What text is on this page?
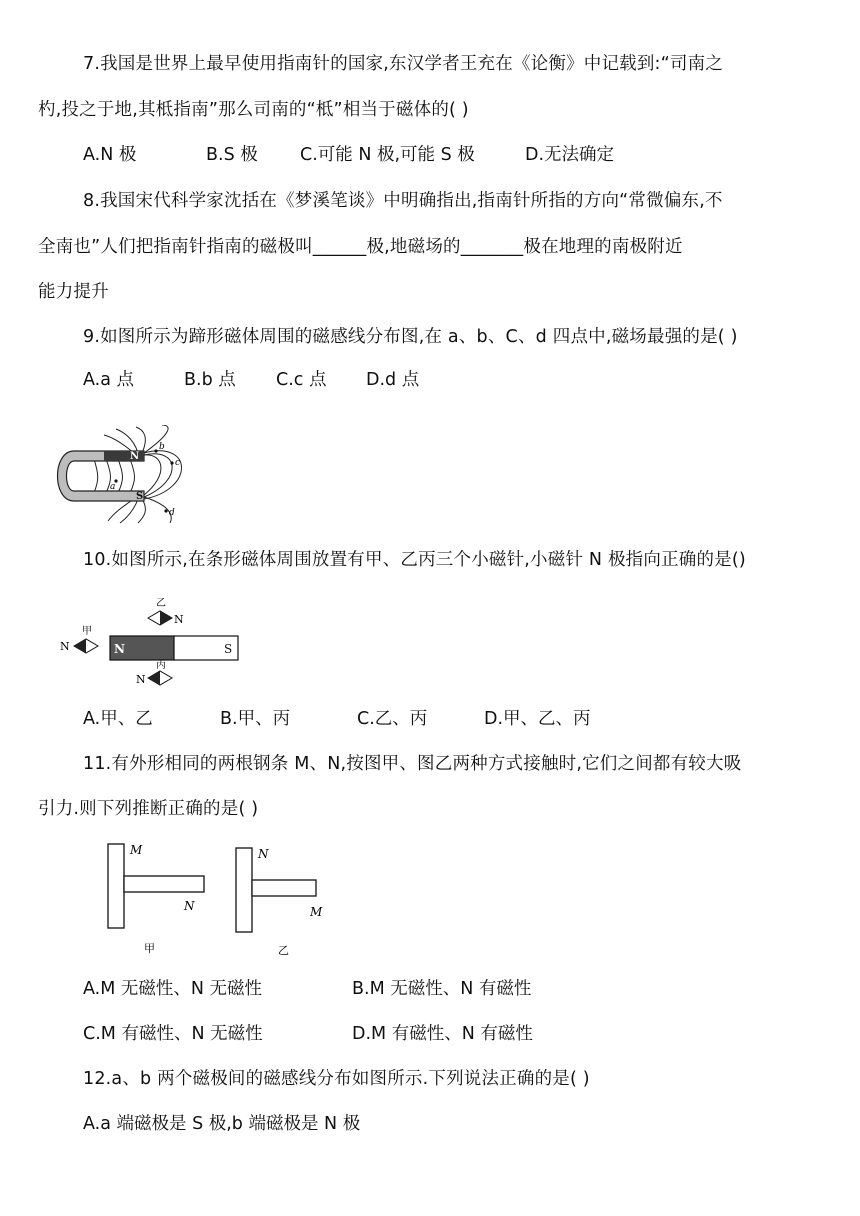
7.我国是世界上最早使用指南针的国家,东汉学者王充在《论衡》中记载到:“司南之
杓,投之于地,其柢指南”那么司南的“柢”相当于磁体的( )
A.N 极	B.S 极 C.可能 N 极,可能 S 极	D.无法确定
8.我国宋代科学家沈括在《梦溪笔谈》中明确指出,指南针所指的方向“常微偏东,不
全南也”人们把指南针指南的磁极叫______极,地磁场的_______极在地理的南极附近
能力提升
9.如图所示为蹄形磁体周围的磁感线分布图,在 a、b、C、d 四点中,磁场最强的是( )
A.a 点	B.b 点 C.c 点 D.d 点
N
S
a
b
c
d
10.如图所示,在条形磁体周围放置有甲、乙丙三个小磁针,小磁针 N 极指向正确的是()
N	S
N
甲
N
乙
N
丙
A.甲、乙	B.甲、丙	C.乙、丙	D.甲、乙、丙
11.有外形相同的两根钢条 M、N,按图甲、图乙两种方式接触时,它们之间都有较大吸
引力.则下列推断正确的是( )
M
N
N
M
甲	乙
A.M 无磁性、N 无磁性	B.M 无磁性、N 有磁性
C.M 有磁性、N 无磁性	D.M 有磁性、N 有磁性
12.a、b 两个磁极间的磁感线分布如图所示.下列说法正确的是( )
A.a 端磁极是 S 极,b 端磁极是 N 极
